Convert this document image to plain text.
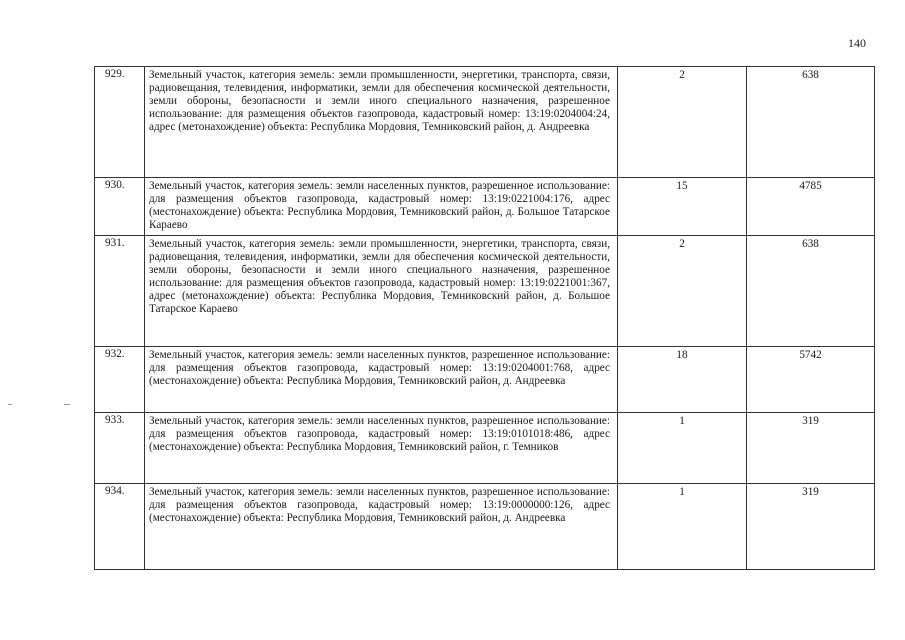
140
929.	Земельный участок, категория земель: земли промышленности, энергетики, транспорта, связи, радиовещания, телевидения, информатики, земли для обеспечения космической деятельности, земли обороны, безопасности и земли иного специального назначения, разрешенное использование: для размещения объектов газопровода, кадастровый номер: 13:19:0204004:24, адрес (метонахождение) объекта: Республика Мордовия, Темниковский район, д. Андреевка	2	638
930.	Земельный участок, категория земель: земли населенных пунктов, разрешенное использование: для размещения объектов газопровода, кадастровый номер: 13:19:0221004:176, адрес (местонахождение) объекта: Республика Мордовия, Темниковский район, д. Большое Татарское Караево	15	4785
931.	Земельный участок, категория земель: земли промышленности, энергетики, транспорта, связи, радиовещания, телевидения, информатики, земли для обеспечения космической деятельности, земли обороны, безопасности и земли иного специального назначения, разрешенное использование: для размещения объектов газопровода, кадастровый номер: 13:19:0221001:367, адрес (метонахождение) объекта: Республика Мордовия, Темниковский район, д. Большое Татарское Караево	2	638
932.	Земельный участок, категория земель: земли населенных пунктов, разрешенное использование: для размещения объектов газопровода, кадастровый номер: 13:19:0204001:768, адрес (местонахождение) объекта: Республика Мордовия, Темниковский район, д. Андреевка	18	5742
933.	Земельный участок, категория земель: земли населенных пунктов, разрешенное использование: для размещения объектов газопровода, кадастровый номер: 13:19:0101018:486, адрес (местонахождение) объекта: Республика Мордовия, Темниковский район, г. Темников	1	319
934.	Земельный участок, категория земель: земли населенных пунктов, разрешенное использование: для размещения объектов газопровода, кадастровый номер: 13:19:0000000:126, адрес (местонахождение) объекта: Республика Мордовия, Темниковский район, д. Андреевка	1	319
